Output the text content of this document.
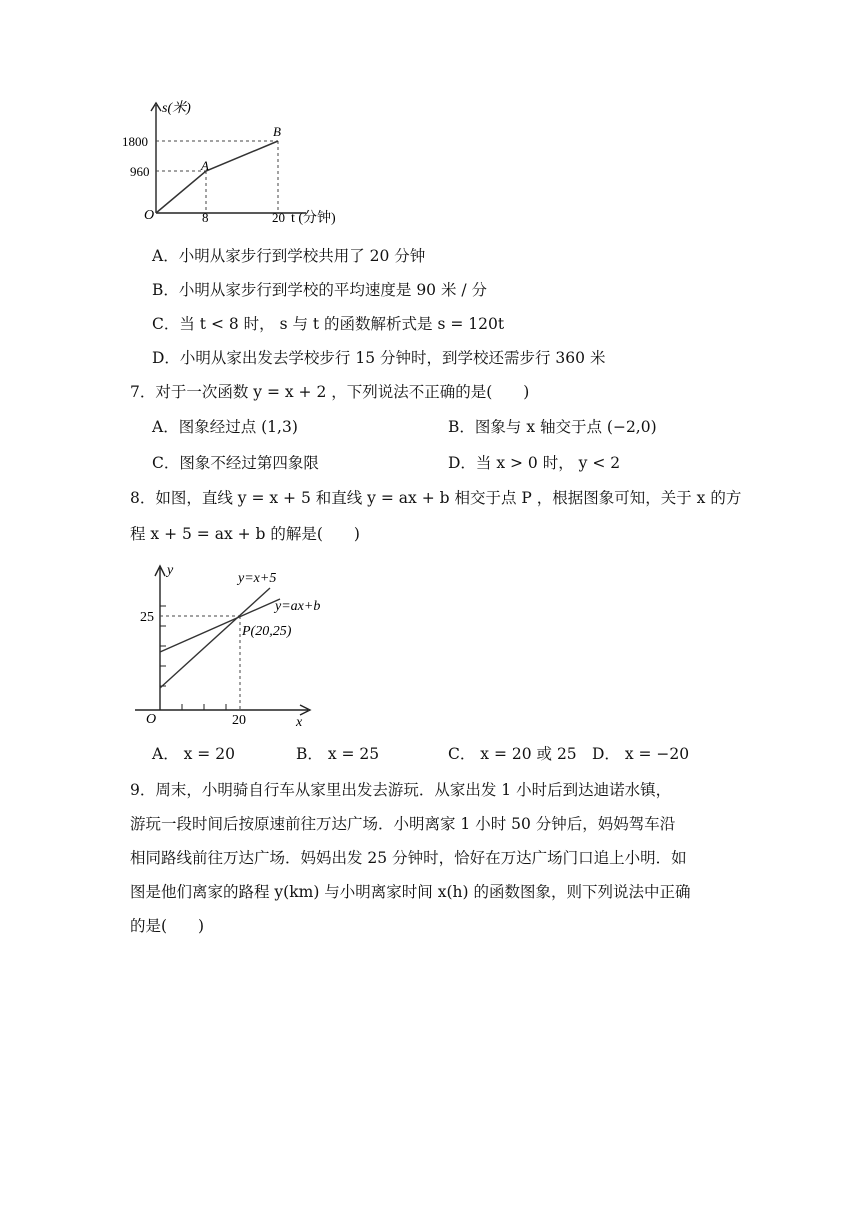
s(米)
1800
960	A
B
O	8	20 t (分钟)
A．小明从家步行到学校共用了 20 分钟
B．小明从家步行到学校的平均速度是 90 米 / 分
C．当 t < 8 时， s 与 t 的函数解析式是 s = 120t
D．小明从家出发去学校步行 15 分钟时，到学校还需步行 360 米
7．对于一次函数 y = x + 2 ，下列说法不正确的是(　　)
A．图象经过点 (1,3)	B．图象与 x 轴交于点 (−2,0)
C．图象不经过第四象限	D．当 x > 0 时， y < 2
8．如图，直线 y = x + 5 和直线 y = ax + b 相交于点 P ，根据图象可知，关于 x 的方
程 x + 5 = ax + b 的解是(　　)
y
25
y=x+5
y=ax+b
P(20,25)
O	20	x
A． x = 20	B． x = 25	C． x = 20 或 25 D． x = −20
9．周末，小明骑自行车从家里出发去游玩．从家出发 1 小时后到达迪诺水镇，
游玩一段时间后按原速前往万达广场．小明离家 1 小时 50 分钟后，妈妈驾车沿
相同路线前往万达广场．妈妈出发 25 分钟时，恰好在万达广场门口追上小明．如
图是他们离家的路程 y(km) 与小明离家时间 x(h) 的函数图象，则下列说法中正确
的是(　　)
